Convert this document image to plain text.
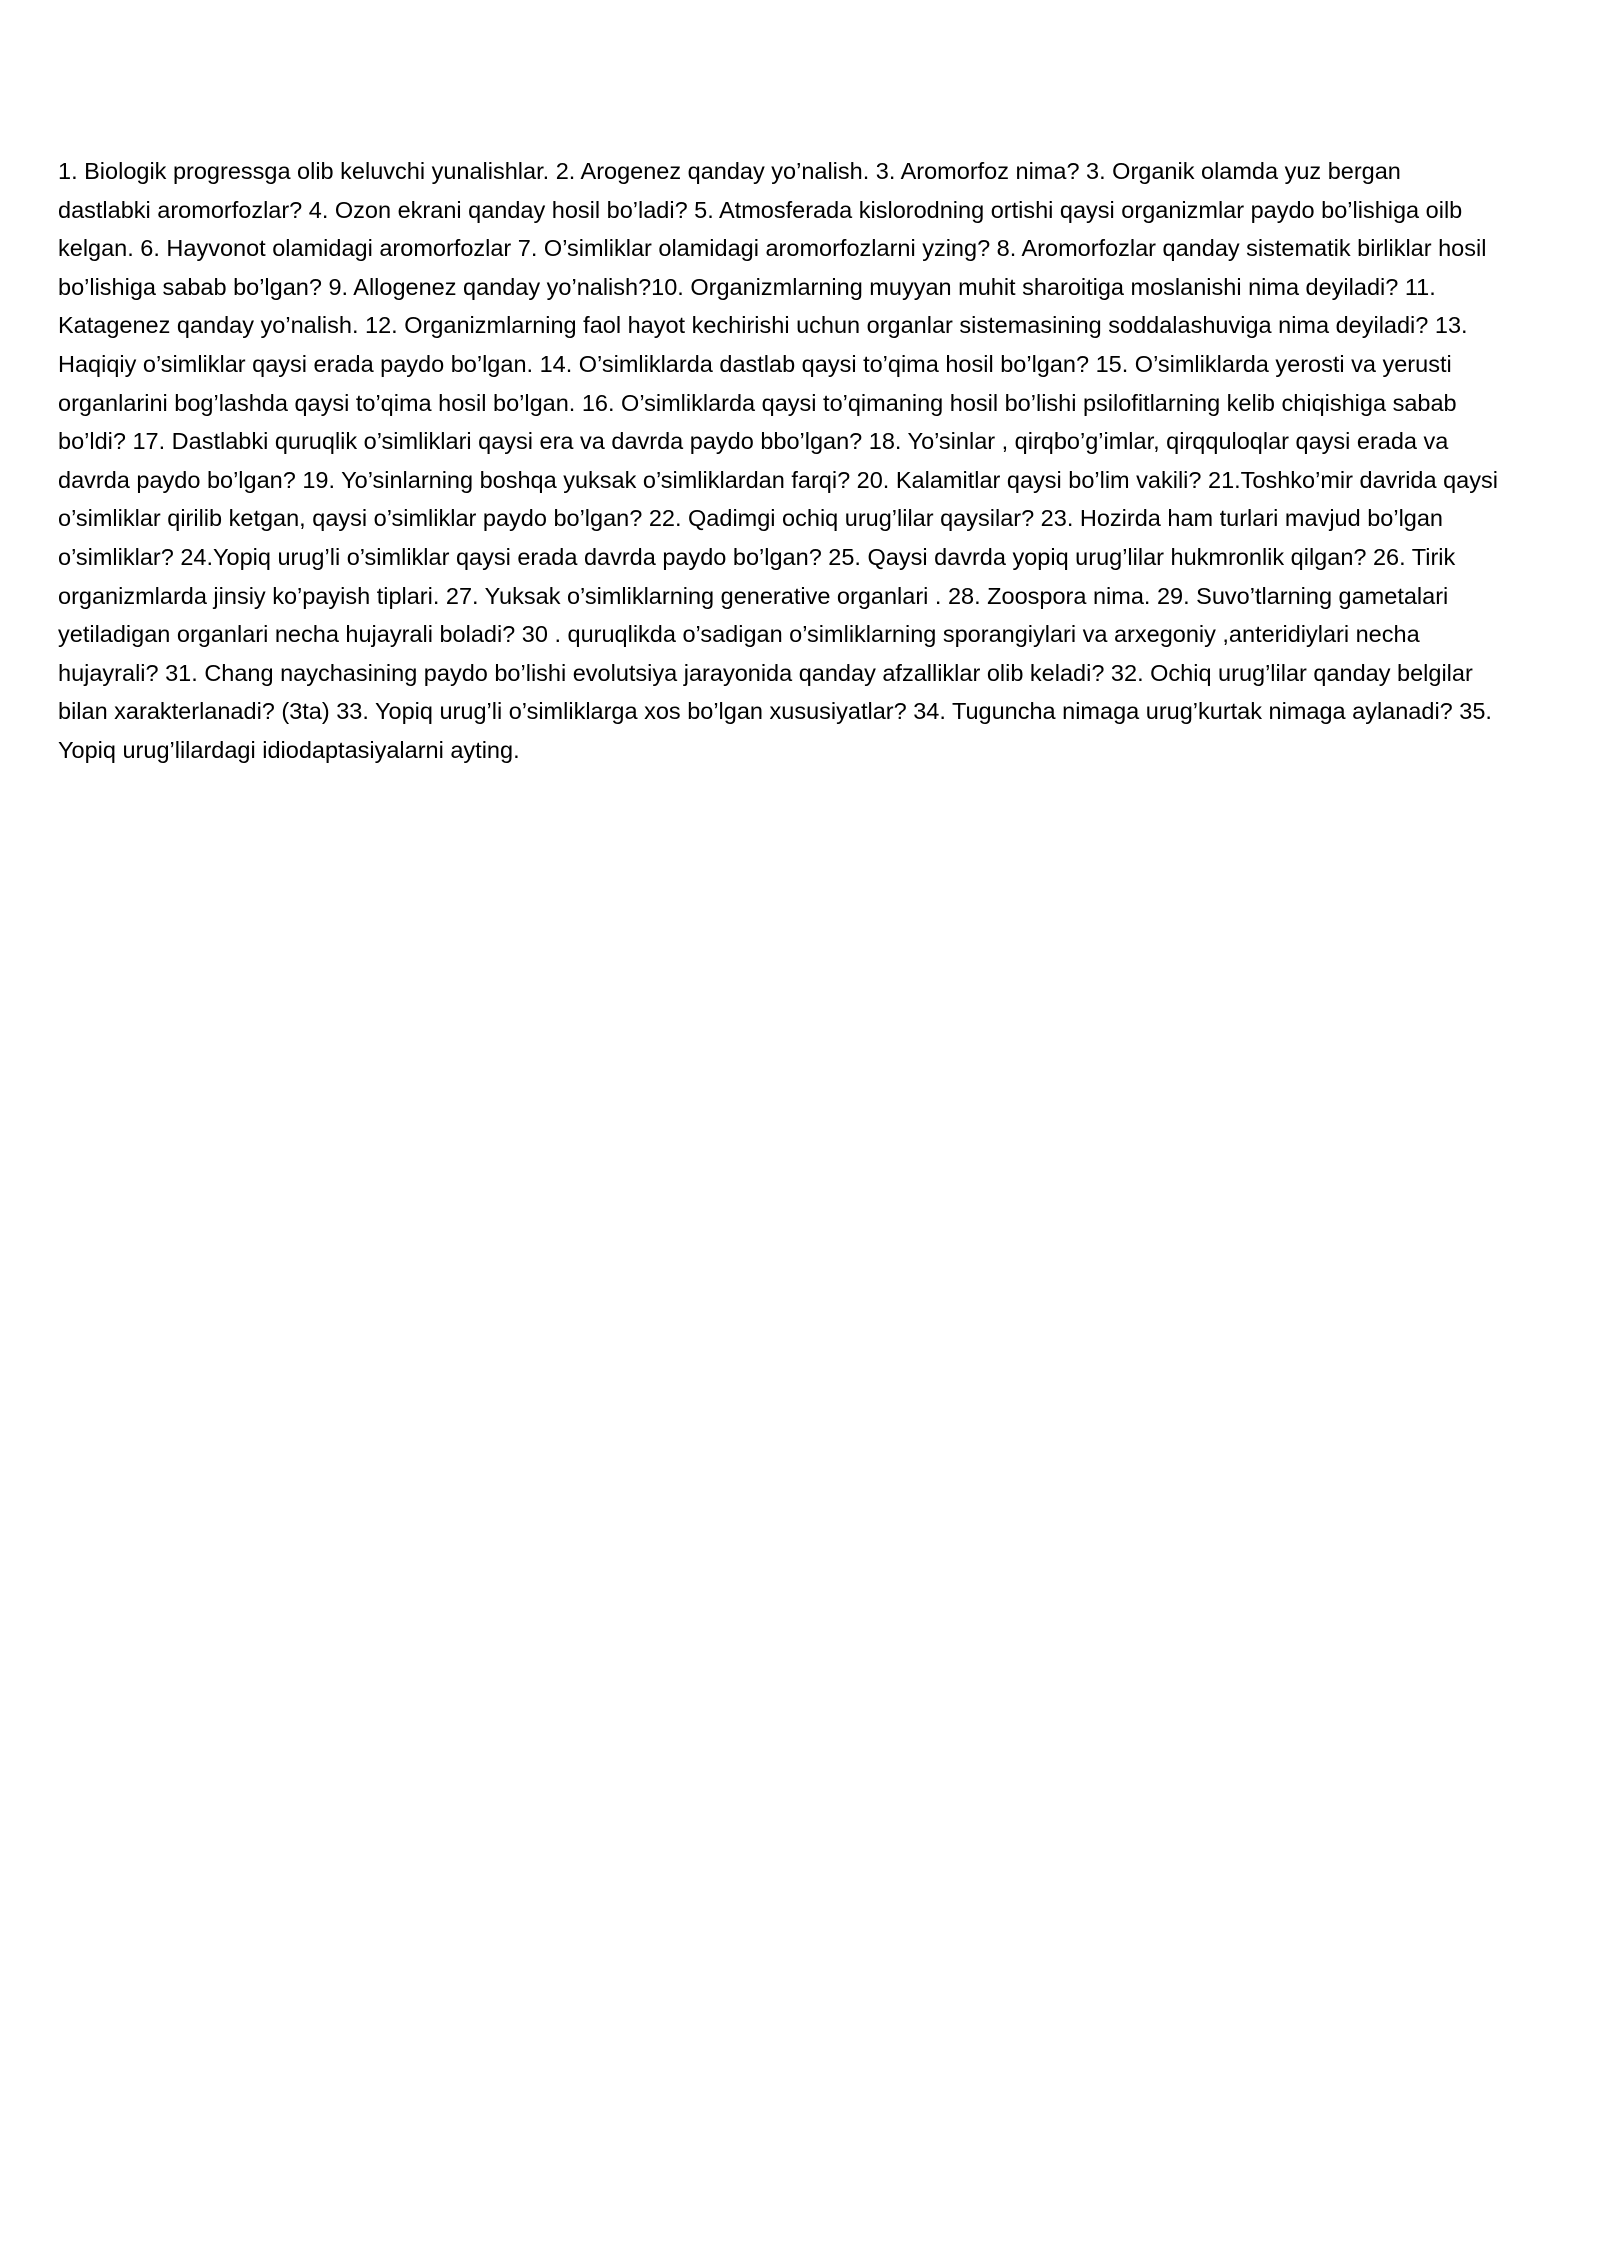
1. Biologik progressga olib keluvchi yunalishlar. 2. Arogenez qanday yo’nalish. 3. Aromorfoz nima? 3. Organik olamda yuz bergan dastlabki aromorfozlar? 4. Ozon ekrani qanday hosil bo’ladi? 5. Atmosferada kislorodning ortishi qaysi organizmlar paydo bo’lishiga oilb kelgan. 6. Hayvonot olamidagi aromorfozlar 7. O’simliklar olamidagi aromorfozlarni yzing? 8. Aromorfozlar qanday sistematik birliklar hosil bo’lishiga sabab bo’lgan? 9. Allogenez qanday yo’nalish?10. Organizmlarning muyyan muhit sharoitiga moslanishi nima deyiladi? 11. Katagenez qanday yo’nalish. 12. Organizmlarning faol hayot kechirishi uchun organlar sistemasining soddalashuviga nima deyiladi? 13. Haqiqiy o’simliklar qaysi erada paydo bo’lgan. 14. O’simliklarda dastlab qaysi to’qima hosil bo’lgan? 15. O’simliklarda yerosti va yerusti organlarini bog’lashda qaysi to’qima hosil bo’lgan. 16. O’simliklarda qaysi to’qimaning hosil bo’lishi psilofitlarning kelib chiqishiga sabab bo’ldi? 17. Dastlabki quruqlik o’simliklari qaysi era va davrda paydo bbo’lgan? 18. Yo’sinlar , qirqbo’g’imlar, qirqquloqlar qaysi erada va davrda paydo bo’lgan? 19. Yo’sinlarning boshqa yuksak o’simliklardan farqi? 20. Kalamitlar qaysi bo’lim vakili? 21.Toshko’mir davrida qaysi o’simliklar qirilib ketgan, qaysi o’simliklar paydo bo’lgan? 22. Qadimgi ochiq urug’lilar qaysilar? 23. Hozirda ham turlari mavjud bo’lgan o’simliklar? 24.Yopiq urug’li o’simliklar qaysi erada davrda paydo bo’lgan? 25. Qaysi davrda yopiq urug’lilar hukmronlik qilgan? 26. Tirik organizmlarda jinsiy ko’payish tiplari. 27. Yuksak o’simliklarning generative organlari . 28. Zoospora nima. 29. Suvo’tlarning gametalari yetiladigan organlari necha hujayrali boladi? 30 . quruqlikda o’sadigan o’simliklarning sporangiylari va arxegoniy ,anteridiylari necha hujayrali? 31. Chang naychasining paydo bo’lishi evolutsiya jarayonida qanday afzalliklar olib keladi? 32. Ochiq urug’lilar qanday belgilar bilan xarakterlanadi? (3ta) 33. Yopiq urug’li o’simliklarga xos bo’lgan xususiyatlar? 34. Tuguncha nimaga urug’kurtak nimaga aylanadi? 35. Yopiq urug’lilardagi idiodaptasiyalarni ayting.
